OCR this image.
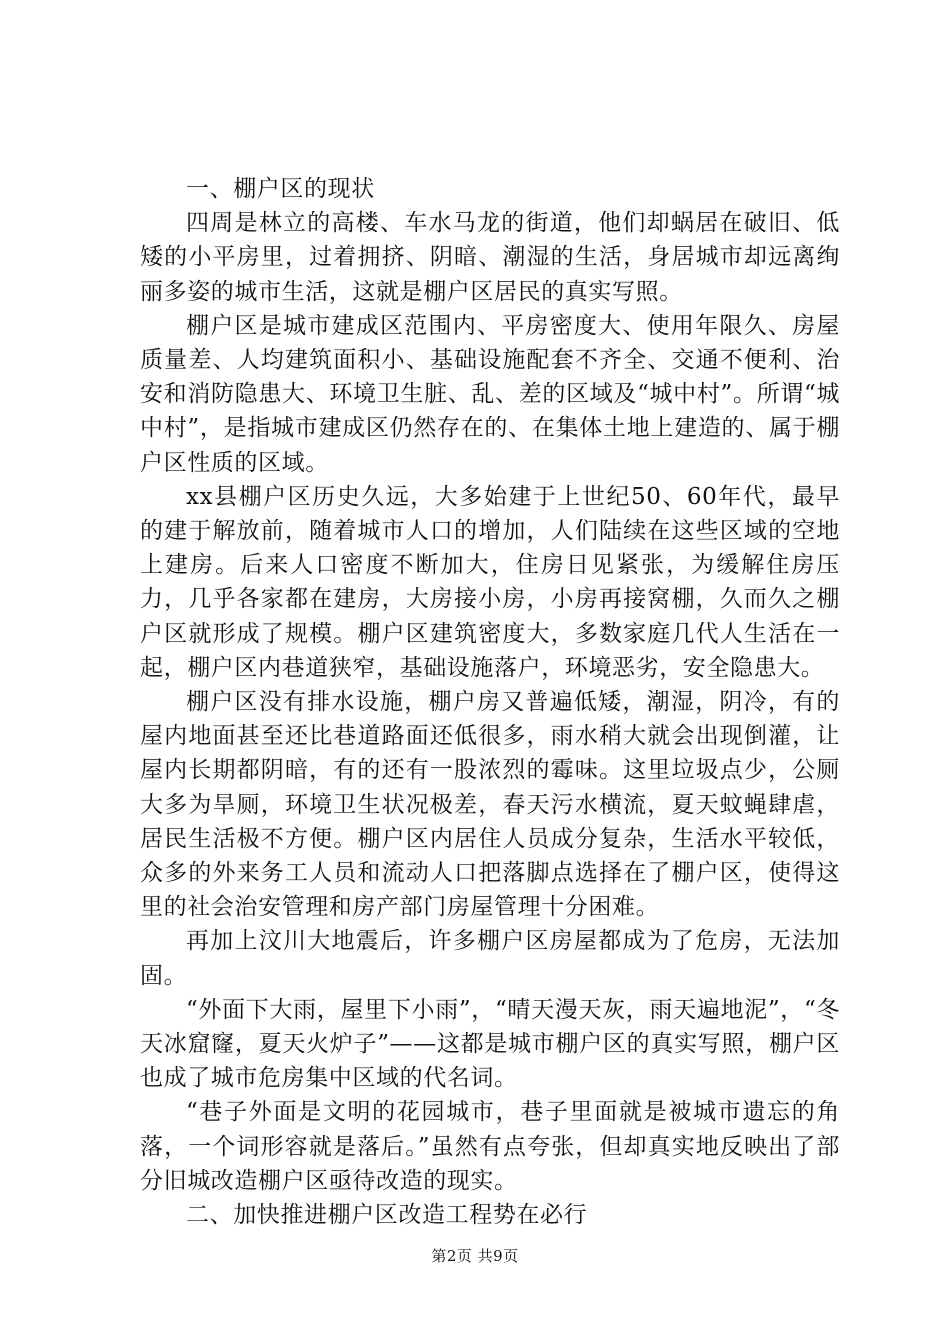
一、棚户区的现状

四周是林立的高楼、车水马龙的街道，他们却蜗居在破旧、低矮的小平房里，过着拥挤、阴暗、潮湿的生活，身居城市却远离绚丽多姿的城市生活，这就是棚户区居民的真实写照。

棚户区是城市建成区范围内、平房密度大、使用年限久、房屋质量差、人均建筑面积小、基础设施配套不齐全、交通不便利、治安和消防隐患大、环境卫生脏、乱、差的区域及“城中村”。所谓“城中村”，是指城市建成区仍然存在的、在集体土地上建造的、属于棚户区性质的区域。

xx县棚户区历史久远，大多始建于上世纪50、60年代，最早的建于解放前，随着城市人口的增加，人们陆续在这些区域的空地上建房。后来人口密度不断加大，住房日见紧张，为缓解住房压力，几乎各家都在建房，大房接小房，小房再接窝棚，久而久之棚户区就形成了规模。棚户区建筑密度大，多数家庭几代人生活在一起，棚户区内巷道狭窄，基础设施落户，环境恶劣，安全隐患大。

棚户区没有排水设施，棚户房又普遍低矮，潮湿，阴冷，有的屋内地面甚至还比巷道路面还低很多，雨水稍大就会出现倒灌，让屋内长期都阴暗，有的还有一股浓烈的霉味。这里垃圾点少，公厕大多为旱厕，环境卫生状况极差，春天污水横流，夏天蚊蝇肆虐，居民生活极不方便。棚户区内居住人员成分复杂，生活水平较低，众多的外来务工人员和流动人口把落脚点选择在了棚户区，使得这里的社会治安管理和房产部门房屋管理十分困难。

再加上汶川大地震后，许多棚户区房屋都成为了危房，无法加固。

“外面下大雨，屋里下小雨”，“晴天漫天灰，雨天遍地泥”，“冬天冰窟窿，夏天火炉子”——这都是城市棚户区的真实写照，棚户区也成了城市危房集中区域的代名词。

“巷子外面是文明的花园城市，巷子里面就是被城市遗忘的角落，一个词形容就是落后。”虽然有点夸张，但却真实地反映出了部分旧城改造棚户区亟待改造的现实。

二、加快推进棚户区改造工程势在必行

第2页 共9页
